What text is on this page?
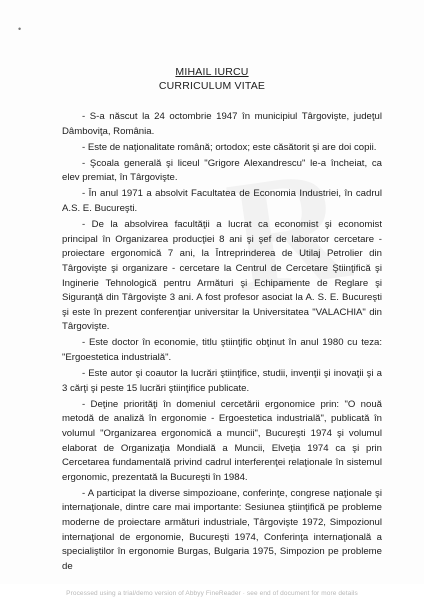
•
MIHAIL IURCU
CURRICULUM VITAE

- S-a născut la 24 octombrie 1947 în municipiul Târgovişte, judeţul Dâmboviţa, România.

- Este de naţionalitate română; ortodox; este căsătorit şi are doi copii.

- Şcoala generală şi liceul "Grigore Alexandrescu" le-a încheiat, ca elev premiat, în Târgovişte.

- În anul 1971 a absolvit Facultatea de Economia Industriei, în cadrul A.S. E. Bucureşti.

- De la absolvirea facultăţii a lucrat ca economist şi economist principal în Organizarea producţiei 8 ani şi şef de laborator cercetare - proiectare ergonomică 7 ani, la Întreprinderea de Utilaj Petrolier din Târgovişte şi organizare - cercetare la Centrul de Cercetare Ştiinţifică şi Inginerie Tehnologică pentru Armături şi Echipamente de Reglare şi Siguranţă din Târgovişte 3 ani. A fost profesor asociat la A. S. E. Bucureşti şi este în prezent conferenţiar universitar la Universitatea "VALACHIA" din Târgovişte.

- Este doctor în economie, titlu ştiinţific obţinut în anul 1980 cu teza: "Ergoestetica industrială".

- Este autor şi coautor la lucrări ştiinţifice, studii, invenţii şi inovaţii şi a 3 cărţi şi peste 15 lucrări ştiinţifice publicate.

- Deţine priorităţi în domeniul cercetării ergonomice prin: "O nouă metodă de analiză în ergonomie - Ergoestetica industrială", publicată în volumul "Organizarea ergonomică a muncii", Bucureşti 1974 şi volumul elaborat de Organizaţia Mondială a Muncii, Elveţia 1974 ca şi prin Cercetarea fundamentală privind cadrul interferenţei relaţionale în sistemul ergonomic, prezentată la Bucureşti în 1984.

- A participat la diverse simpozioane, conferinţe, congrese naţionale şi internaţionale, dintre care mai importante: Sesiunea ştiinţifică pe probleme moderne de proiectare armături industriale, Târgovişte 1972, Simpozionul internaţional de ergonomie, Bucureşti 1974, Conferinţa internaţională a specialiştilor în ergonomie Burgas, Bulgaria 1975, Simpozion pe probleme de

Processed using a trial/demo version of Abbyy FineReader · see end of document for more details
